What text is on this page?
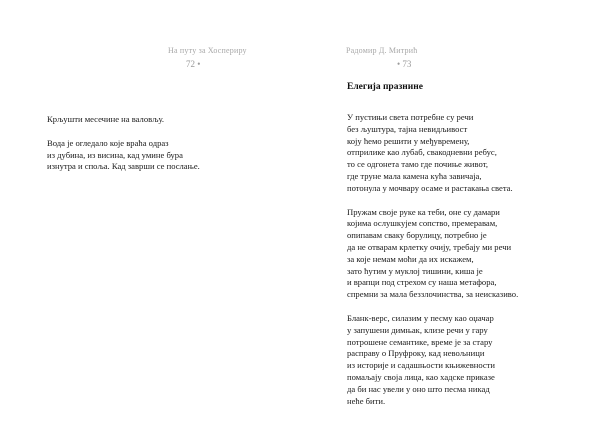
На путу за Хоспериру
72 •
Крљушти месечине на валовљу.
Вода је огледало које враћа одраз
из дубина, из висина, кад умине бура
изнутра и споља. Кад заврши се послање.
Радомир Д. Митрић
• 73
Елегија празнине
У пустињи света потребне су речи
без љуштура, тајна невидљивост
коју ћемо решити у међувремену,
отприлике као лубаб, свакодневни ребус,
то се одгонета тамо где почиње живот,
где труне мала камена кућа завичаја,
потонула у мочвару осаме и растакања света.
Пружам своје руке ка теби, оне су дамари
којима ослушкујем сопство, премеравам,
опипавам сваку борулицу, потребно је
да не отварам крлетку очију, требају ми речи
за које немам моћи да их искажем,
зато ћутим у муклој тишини, киша је
и врапци под стрехом су наша метафора,
спремни за мала беззлочинства, за неисказиво.
Бланк-верс, силазим у песму као оџачар
у запушени димњак, клизе речи у гару
потрошене семантике, време је за стару
расправу о Пруфроку, кад невољници
из историје и садашњости књижевности
помаљају своја лица, као хадске приказе
да би нас увели у оно што песма никад
неће бити.
